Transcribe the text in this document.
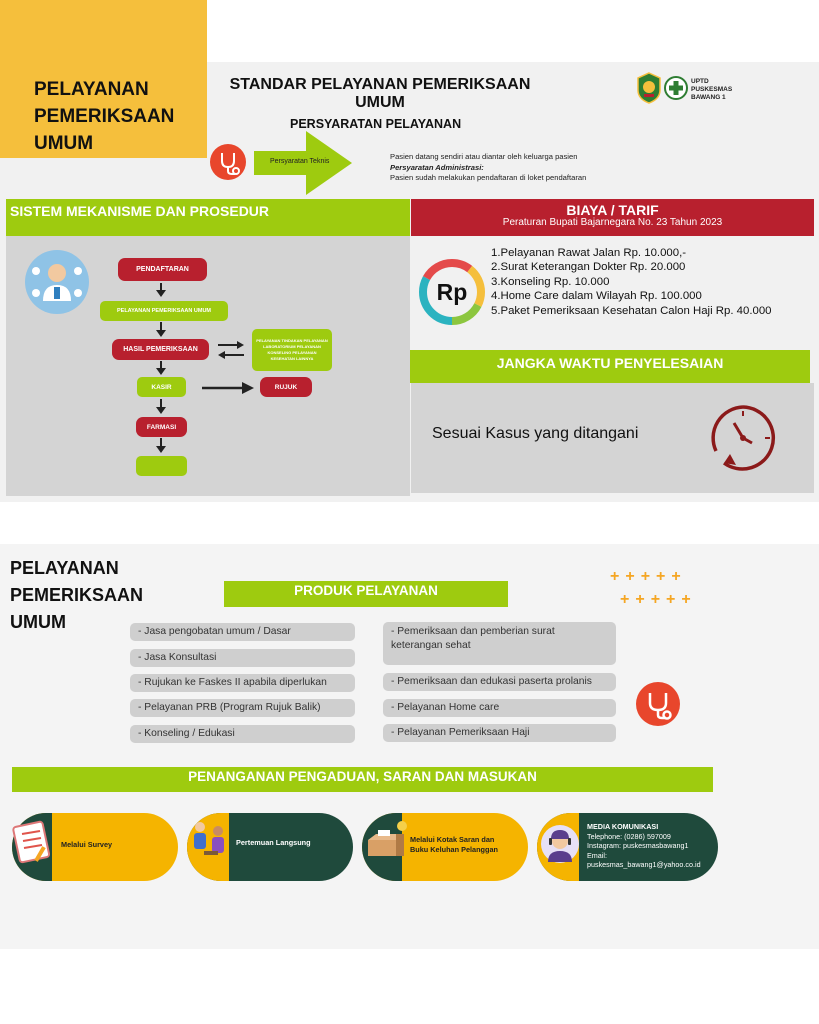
PELAYANAN
PEMERIKSAAN
UMUM
STANDAR PELAYANAN PEMERIKSAAN
UMUM
PERSYARATAN PELAYANAN
UPTD
PUSKESMAS
BAWANG 1
Persyaratan Teknis
Pasien datang sendiri atau diantar oleh keluarga pasien
Persyaratan Administrasi:
Pasien sudah melakukan pendaftaran di loket pendaftaran
SISTEM MEKANISME DAN PROSEDUR
PENDAFTARAN
PELAYANAN PEMERIKSAAN UMUM
HASIL PEMERIKSAAN
PELAYANAN TINDAKAN PELAYANAN
LABORATORIUM PELAYANAN
KONSELING PELAYANAN
KESEHATAN LAINNYA
KASIR	RUJUK
FARMASI
BIAYA / TARIF
Peraturan Bupati Bajarnegara No. 23 Tahun 2023
Rp
1.Pelayanan Rawat Jalan Rp. 10.000,-
2.Surat Keterangan Dokter Rp. 20.000
3.Konseling Rp. 10.000
4.Home Care dalam Wilayah Rp. 100.000
5.Paket Pemeriksaan Kesehatan Calon Haji Rp. 40.000
JANGKA WAKTU PENYELESAIAN
Sesuai Kasus yang ditangani
PELAYANAN
PEMERIKSAAN
UMUM
PRODUK PELAYANAN
+++++
+++++
- Jasa pengobatan umum / Dasar
- Jasa Konsultasi
- Rujukan ke Faskes II apabila diperlukan
- Pelayanan PRB (Program Rujuk Balik)
- Konseling / Edukasi
- Pemeriksaan dan pemberian surat keterangan sehat
- Pemeriksaan dan edukasi paserta prolanis
- Pelayanan Home care
- Pelayanan Pemeriksaan Haji
PENANGANAN PENGADUAN, SARAN DAN MASUKAN
Melalui Survey	Pertemuan Langsung	Melalui Kotak Saran dan
Buku Keluhan Pelanggan
MEDIA KOMUNIKASI
Telephone: (0286) 597009
Instagram: puskesmasbawang1
Email:
puskesmas_bawang1@yahoo.co.id
